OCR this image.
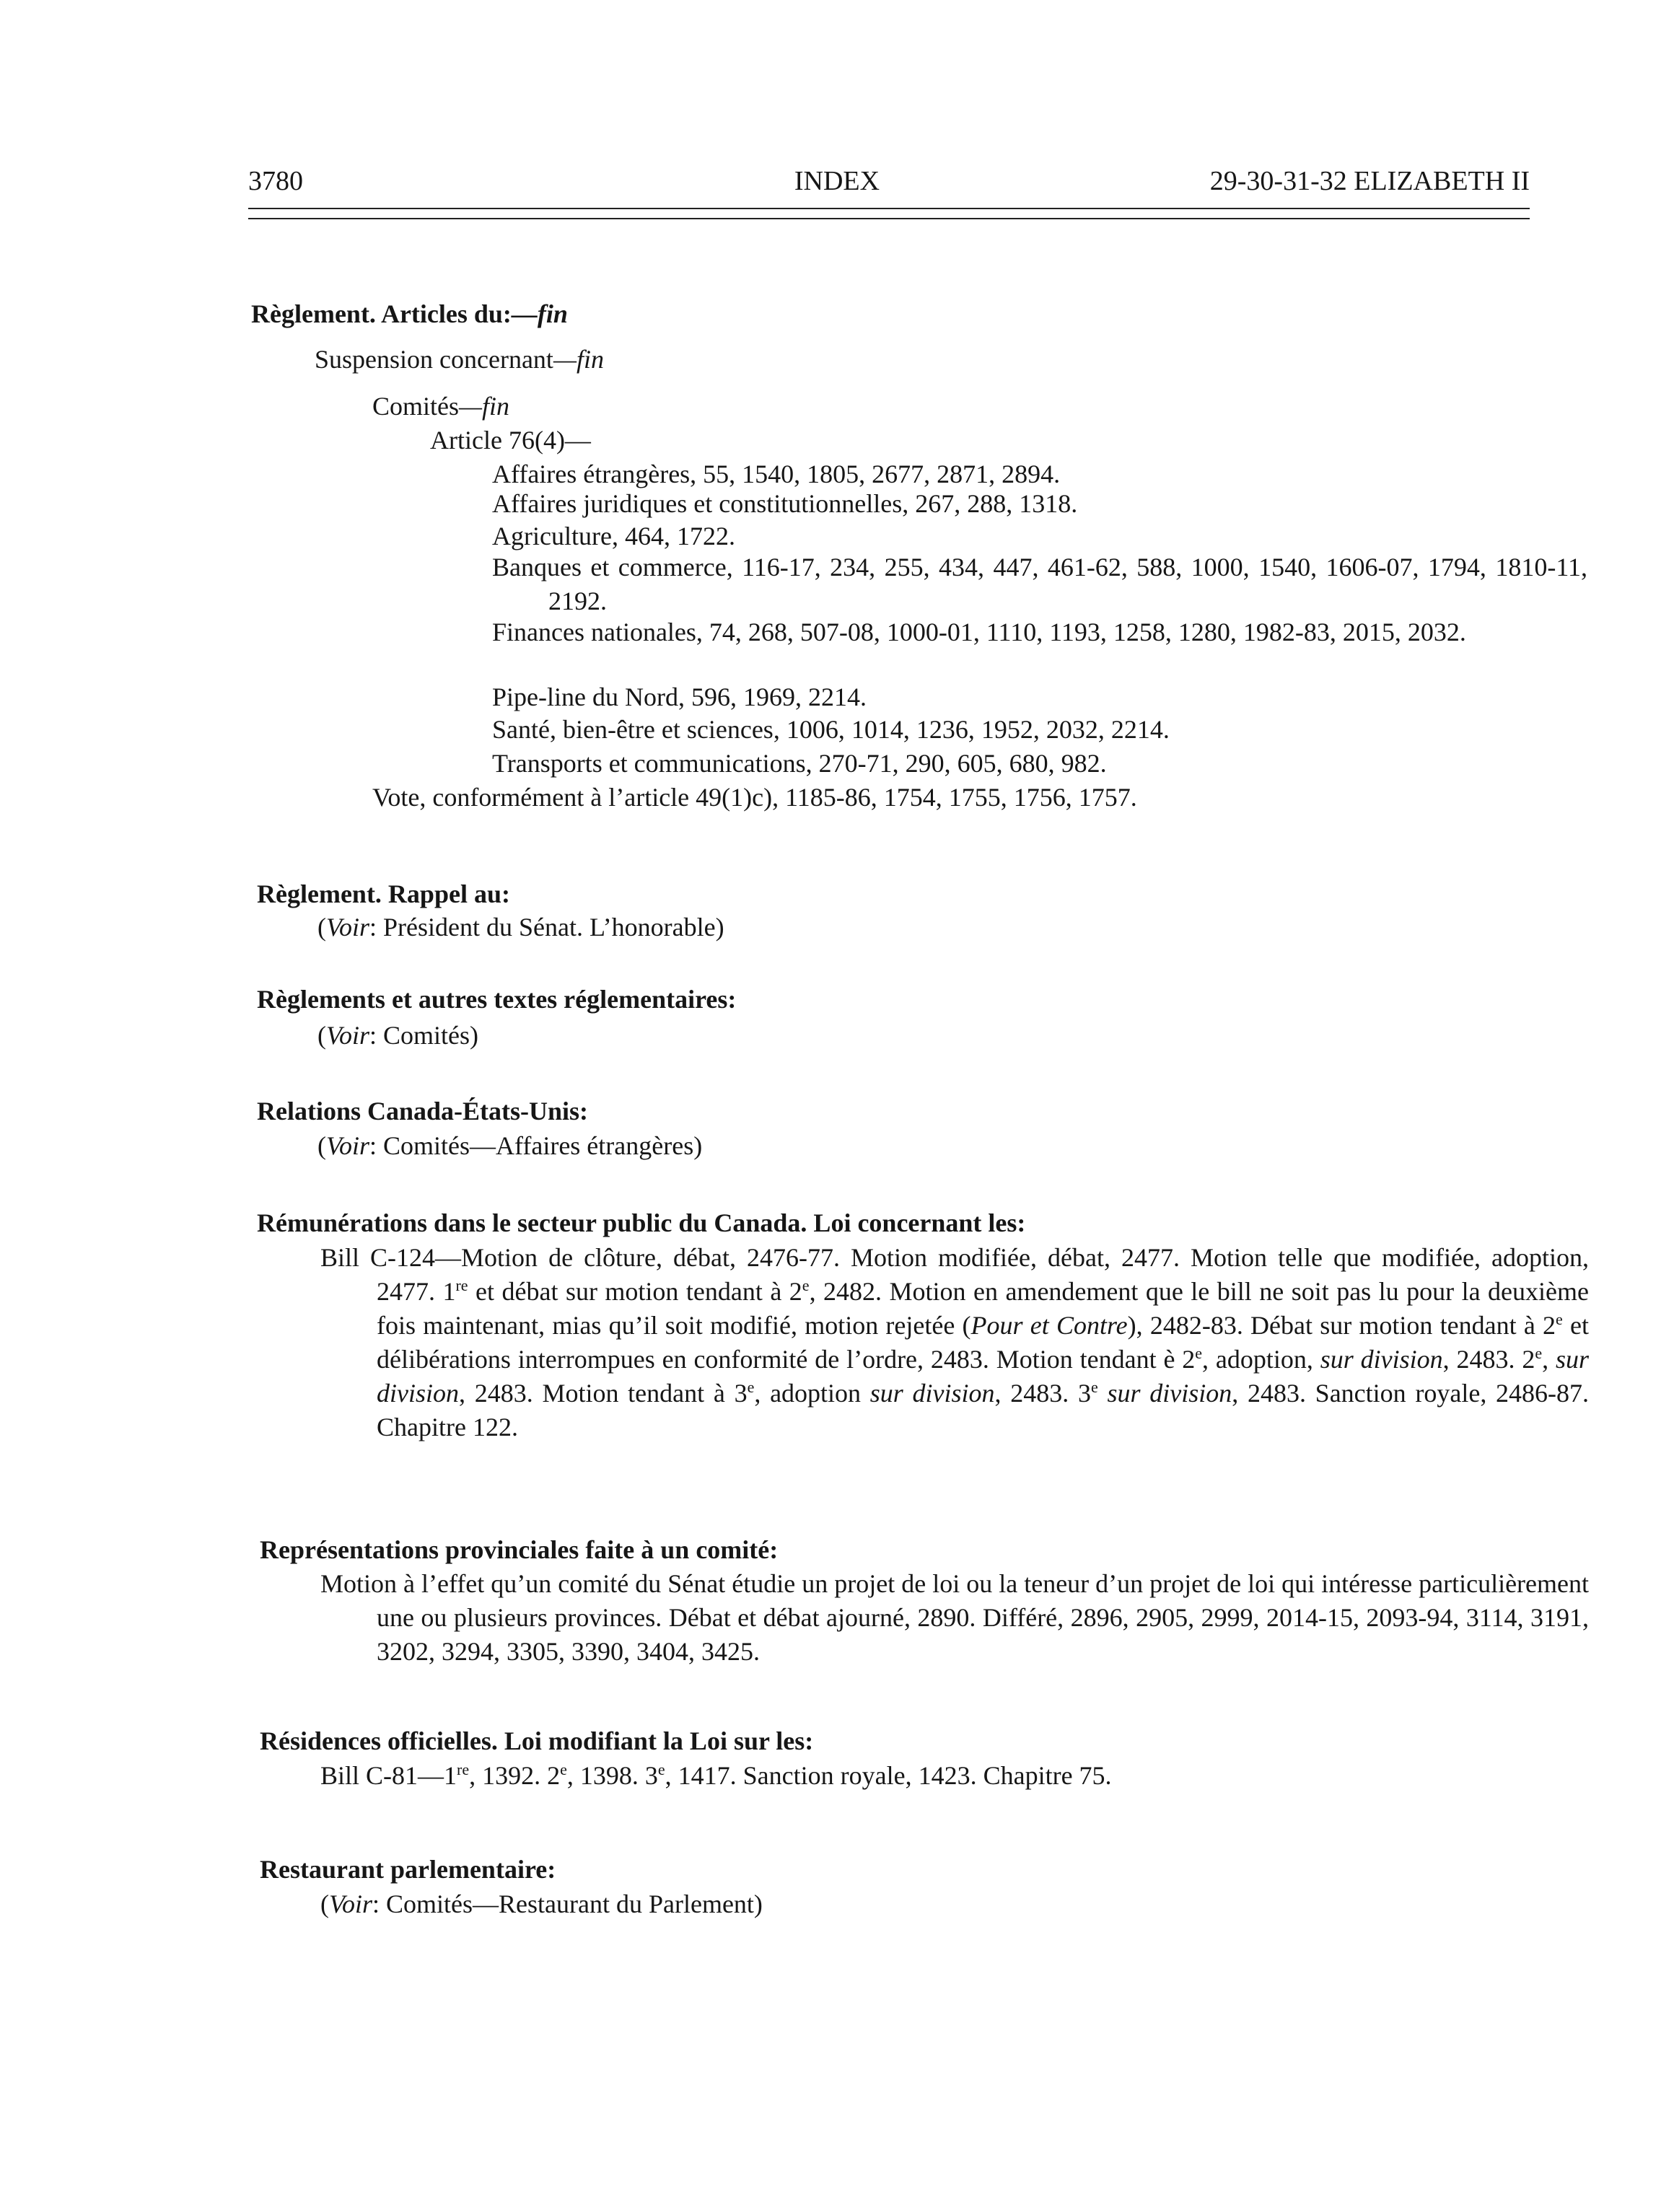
3780	INDEX	29-30-31-32 ELIZABETH II
Règlement. Articles du:—fin
Suspension concernant—fin
Comités—fin
Article 76(4)—
Affaires étrangères, 55, 1540, 1805, 2677, 2871, 2894.
Affaires juridiques et constitutionnelles, 267, 288, 1318.
Agriculture, 464, 1722.
Banques et commerce, 116-17, 234, 255, 434, 447, 461-62, 588, 1000, 1540, 1606-07, 1794, 1810-11, 2192.
Finances nationales, 74, 268, 507-08, 1000-01, 1110, 1193, 1258, 1280, 1982-83, 2015, 2032.
Pipe-line du Nord, 596, 1969, 2214.
Santé, bien-être et sciences, 1006, 1014, 1236, 1952, 2032, 2214.
Transports et communications, 270-71, 290, 605, 680, 982.
Vote, conformément à l’article 49(1)c), 1185-86, 1754, 1755, 1756, 1757.
Règlement. Rappel au:
(Voir: Président du Sénat. L’honorable)
Règlements et autres textes réglementaires:
(Voir: Comités)
Relations Canada-États-Unis:
(Voir: Comités—Affaires étrangères)
Rémunérations dans le secteur public du Canada. Loi concernant les:
Bill C-124—Motion de clôture, débat, 2476-77. Motion modifiée, débat, 2477. Motion telle que modifiée, adoption, 2477. 1re et débat sur motion tendant à 2e, 2482. Motion en amendement que le bill ne soit pas lu pour la deuxième fois maintenant, mias qu’il soit modifié, motion rejetée (Pour et Contre), 2482-83. Débat sur motion tendant à 2e et délibérations interrompues en conformité de l’ordre, 2483. Motion tendant è 2e, adoption, sur division, 2483. 2e, sur division, 2483. Motion tendant à 3e, adoption sur division, 2483. 3e sur division, 2483. Sanction royale, 2486-87. Chapitre 122.
Représentations provinciales faite à un comité:
Motion à l’effet qu’un comité du Sénat étudie un projet de loi ou la teneur d’un projet de loi qui intéresse particulièrement une ou plusieurs provinces. Débat et débat ajourné, 2890. Différé, 2896, 2905, 2999, 2014-15, 2093-94, 3114, 3191, 3202, 3294, 3305, 3390, 3404, 3425.
Résidences officielles. Loi modifiant la Loi sur les:
Bill C-81—1re, 1392. 2e, 1398. 3e, 1417. Sanction royale, 1423. Chapitre 75.
Restaurant parlementaire:
(Voir: Comités—Restaurant du Parlement)
